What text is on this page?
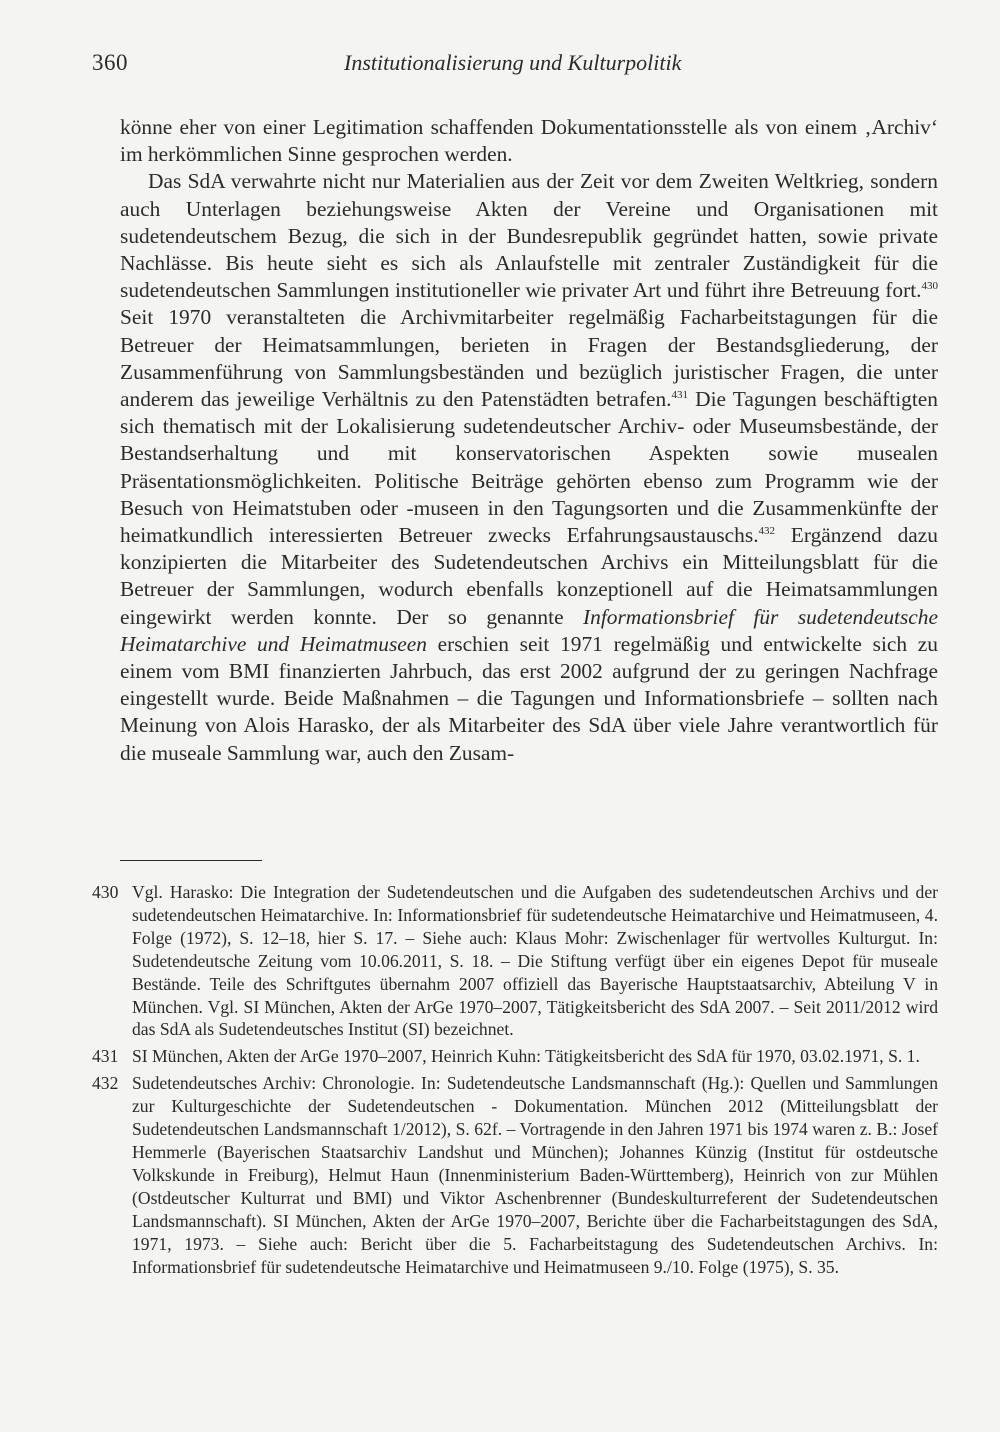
360	Institutionalisierung und Kulturpolitik

könne eher von einer Legitimation schaffenden Dokumentationsstelle als von einem ‚Archiv‘ im herkömmlichen Sinne gesprochen werden.

Das SdA verwahrte nicht nur Materialien aus der Zeit vor dem Zweiten Weltkrieg, sondern auch Unterlagen beziehungsweise Akten der Vereine und Organisationen mit sudetendeutschem Bezug, die sich in der Bundesrepublik gegründet hatten, sowie private Nachlässe. Bis heute sieht es sich als Anlaufstelle mit zentraler Zuständigkeit für die sudetendeutschen Sammlungen institutioneller wie privater Art und führt ihre Betreuung fort.$^{430}$ Seit 1970 veranstalteten die Archivmitarbeiter regelmäßig Facharbeitstagungen für die Betreuer der Heimatsammlungen, berieten in Fragen der Bestandsgliederung, der Zusammenführung von Sammlungsbeständen und bezüglich juristischer Fragen, die unter anderem das jeweilige Verhältnis zu den Patenstädten betrafen.$^{431}$ Die Tagungen beschäftigten sich thematisch mit der Lokalisierung sudetendeutscher Archiv- oder Museumsbestände, der Bestandserhaltung und mit konservatorischen Aspekten sowie musealen Präsentationsmöglichkeiten. Politische Beiträge gehörten ebenso zum Programm wie der Besuch von Heimatstuben oder -museen in den Tagungsorten und die Zusammenkünfte der heimatkundlich interessierten Betreuer zwecks Erfahrungsaustauschs.$^{432}$ Ergänzend dazu konzipierten die Mitarbeiter des Sudetendeutschen Archivs ein Mitteilungsblatt für die Betreuer der Sammlungen, wodurch ebenfalls konzeptionell auf die Heimatsammlungen eingewirkt werden konnte. Der so genannte Informationsbrief für sudetendeutsche Heimatarchive und Heimatmuseen erschien seit 1971 regelmäßig und entwickelte sich zu einem vom BMI finanzierten Jahrbuch, das erst 2002 aufgrund der zu geringen Nachfrage eingestellt wurde. Beide Maßnahmen – die Tagungen und Informationsbriefe – sollten nach Meinung von Alois Harasko, der als Mitarbeiter des SdA über viele Jahre verantwortlich für die museale Sammlung war, auch den Zusam-

430 Vgl. Harasko: Die Integration der Sudetendeutschen und die Aufgaben des sudetendeutschen Archivs und der sudetendeutschen Heimatarchive. In: Informationsbrief für sudetendeutsche Heimatarchive und Heimatmuseen, 4. Folge (1972), S. 12–18, hier S. 17. – Siehe auch: Klaus Mohr: Zwischenlager für wertvolles Kulturgut. In: Sudetendeutsche Zeitung vom 10.06.2011, S. 18. – Die Stiftung verfügt über ein eigenes Depot für museale Bestände. Teile des Schriftgutes übernahm 2007 offiziell das Bayerische Hauptstaatsarchiv, Abteilung V in München. Vgl. SI München, Akten der ArGe 1970–2007, Tätigkeitsbericht des SdA 2007. – Seit 2011/2012 wird das SdA als Sudetendeutsches Institut (SI) bezeichnet.
431 SI München, Akten der ArGe 1970–2007, Heinrich Kuhn: Tätigkeitsbericht des SdA für 1970, 03.02.1971, S. 1.
432 Sudetendeutsches Archiv: Chronologie. In: Sudetendeutsche Landsmannschaft (Hg.): Quellen und Sammlungen zur Kulturgeschichte der Sudetendeutschen - Dokumentation. München 2012 (Mitteilungsblatt der Sudetendeutschen Landsmannschaft 1/2012), S. 62f. – Vortragende in den Jahren 1971 bis 1974 waren z. B.: Josef Hemmerle (Bayerischen Staatsarchiv Landshut und München); Johannes Künzig (Institut für ostdeutsche Volkskunde in Freiburg), Helmut Haun (Innenministerium Baden-Württemberg), Heinrich von zur Mühlen (Ostdeutscher Kulturrat und BMI) und Viktor Aschenbrenner (Bundeskulturreferent der Sudetendeutschen Landsmannschaft). SI München, Akten der ArGe 1970–2007, Berichte über die Facharbeitstagungen des SdA, 1971, 1973. – Siehe auch: Bericht über die 5. Facharbeitstagung des Sudetendeutschen Archivs. In: Informationsbrief für sudetendeutsche Heimatarchive und Heimatmuseen 9./10. Folge (1975), S. 35.
